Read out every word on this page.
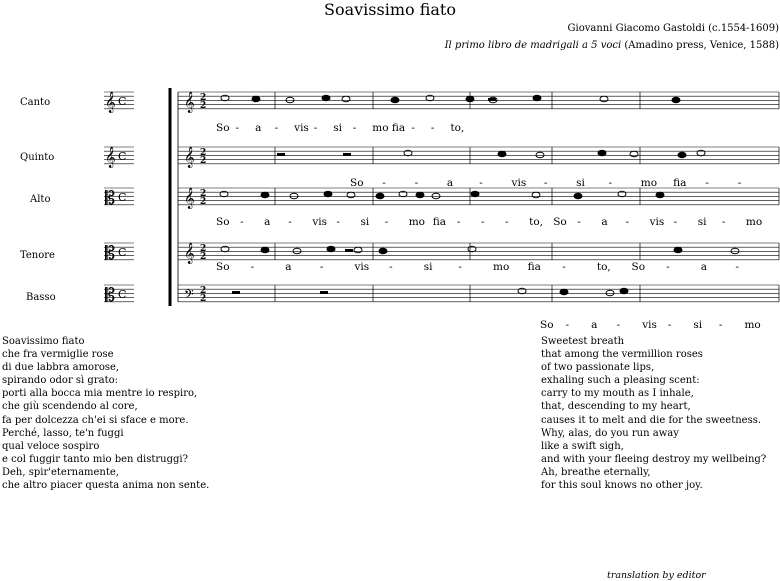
Soavissimo fiato
Giovanni Giacomo Gastoldi (c.1554-1609)
Il primo libro de madrigali a 5 voci (Amadino press, Venice, 1588)
Canto
Quinto
Alto
Tenore
Basso
𝄞 C
𝄞 C
𝄡 C
𝄡 C
𝄡 C
𝄞 2
2
𝄞 2
2
𝄞 2
2
𝄞 2
2
𝄢 2
2
So - a - vis - si - mo fia - - to,
So -	-	a -	vis -	si -	mo fia -	-
So - a - vis - si - mo fia - - - to, So - a - vis - si - mo
So -	a	-	vis -	si -	mo fia -	to, So -	a	-
So - a - vis - si - mo
Soavissimo fiato
che fra vermiglie rose
di due labbra amorose,
spirando odor sì grato:
porti alla bocca mia mentre io respiro,
che giù scendendo al core,
fa per dolcezza ch'ei si sface e more.
Perché, lasso, te'n fuggi
qual veloce sospiro
e col fuggir tanto mio ben distruggi?
Deh, spir'eternamente,
che altro piacer questa anima non sente.
Sweetest breath
that among the vermillion roses
of two passionate lips,
exhaling such a pleasing scent:
carry to my mouth as I inhale,
that, descending to my heart,
causes it to melt and die for the sweetness.
Why, alas, do you run away
like a swift sigh,
and with your fleeing destroy my wellbeing?
Ah, breathe eternally,
for this soul knows no other joy.
translation by editor
